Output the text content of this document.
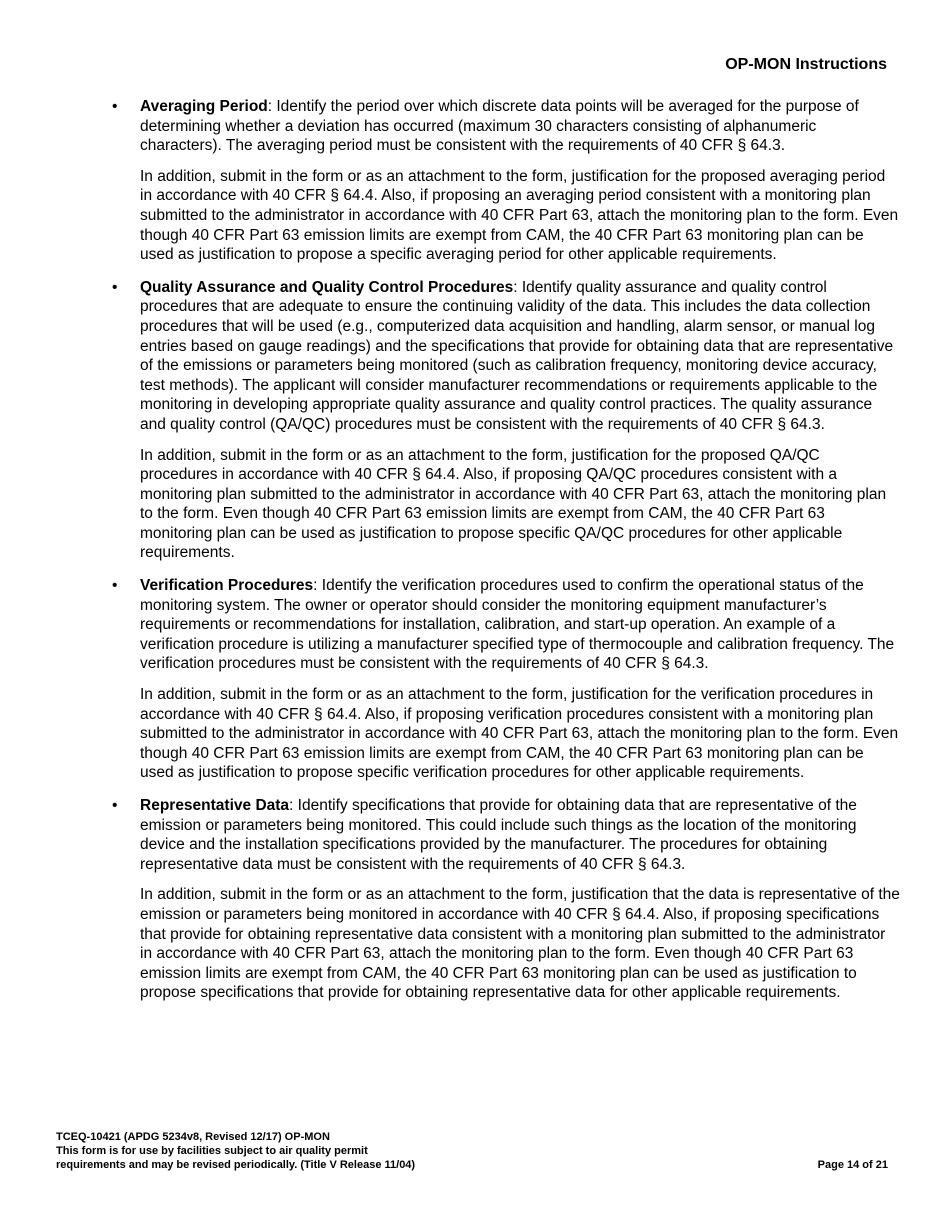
OP-MON Instructions
• Averaging Period: Identify the period over which discrete data points will be averaged for the purpose of determining whether a deviation has occurred (maximum 30 characters consisting of alphanumeric characters). The averaging period must be consistent with the requirements of 40 CFR § 64.3.

In addition, submit in the form or as an attachment to the form, justification for the proposed averaging period in accordance with 40 CFR § 64.4. Also, if proposing an averaging period consistent with a monitoring plan submitted to the administrator in accordance with 40 CFR Part 63, attach the monitoring plan to the form. Even though 40 CFR Part 63 emission limits are exempt from CAM, the 40 CFR Part 63 monitoring plan can be used as justification to propose a specific averaging period for other applicable requirements.

• Quality Assurance and Quality Control Procedures: Identify quality assurance and quality control procedures that are adequate to ensure the continuing validity of the data. This includes the data collection procedures that will be used (e.g., computerized data acquisition and handling, alarm sensor, or manual log entries based on gauge readings) and the specifications that provide for obtaining data that are representative of the emissions or parameters being monitored (such as calibration frequency, monitoring device accuracy, test methods). The applicant will consider manufacturer recommendations or requirements applicable to the monitoring in developing appropriate quality assurance and quality control practices. The quality assurance and quality control (QA/QC) procedures must be consistent with the requirements of 40 CFR § 64.3.

In addition, submit in the form or as an attachment to the form, justification for the proposed QA/QC procedures in accordance with 40 CFR § 64.4. Also, if proposing QA/QC procedures consistent with a monitoring plan submitted to the administrator in accordance with 40 CFR Part 63, attach the monitoring plan to the form. Even though 40 CFR Part 63 emission limits are exempt from CAM, the 40 CFR Part 63 monitoring plan can be used as justification to propose specific QA/QC procedures for other applicable requirements.

• Verification Procedures: Identify the verification procedures used to confirm the operational status of the monitoring system. The owner or operator should consider the monitoring equipment manufacturer’s requirements or recommendations for installation, calibration, and start-up operation. An example of a verification procedure is utilizing a manufacturer specified type of thermocouple and calibration frequency. The verification procedures must be consistent with the requirements of 40 CFR § 64.3.

In addition, submit in the form or as an attachment to the form, justification for the verification procedures in accordance with 40 CFR § 64.4. Also, if proposing verification procedures consistent with a monitoring plan submitted to the administrator in accordance with 40 CFR Part 63, attach the monitoring plan to the form. Even though 40 CFR Part 63 emission limits are exempt from CAM, the 40 CFR Part 63 monitoring plan can be used as justification to propose specific verification procedures for other applicable requirements.

• Representative Data: Identify specifications that provide for obtaining data that are representative of the emission or parameters being monitored. This could include such things as the location of the monitoring device and the installation specifications provided by the manufacturer. The procedures for obtaining representative data must be consistent with the requirements of 40 CFR § 64.3.

In addition, submit in the form or as an attachment to the form, justification that the data is representative of the emission or parameters being monitored in accordance with 40 CFR § 64.4. Also, if proposing specifications that provide for obtaining representative data consistent with a monitoring plan submitted to the administrator in accordance with 40 CFR Part 63, attach the monitoring plan to the form. Even though 40 CFR Part 63 emission limits are exempt from CAM, the 40 CFR Part 63 monitoring plan can be used as justification to propose specifications that provide for obtaining representative data for other applicable requirements.

TCEQ-10421 (APDG 5234v8, Revised 12/17) OP-MON
This form is for use by facilities subject to air quality permit
requirements and may be revised periodically. (Title V Release 11/04)	Page 14 of 21
